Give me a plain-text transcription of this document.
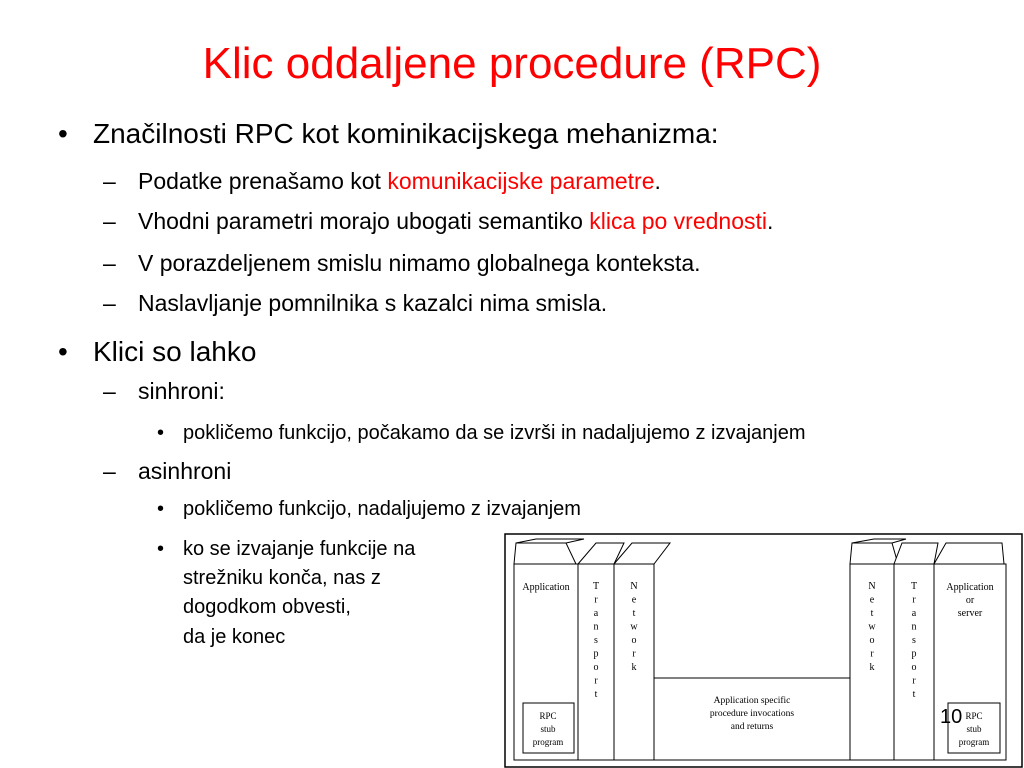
Klic oddaljene procedure (RPC)
• Značilnosti RPC kot kominikacijskega mehanizma:
– Podatke prenašamo kot komunikacijske parametre.
– Vhodni parametri morajo ubogati semantiko klica po vrednosti.
– V porazdeljenem smislu nimamo globalnega konteksta.
– Naslavljanje pomnilnika s kazalci nima smisla.
• Klici so lahko
– sinhroni:
• pokličemo funkcijo, počakamo da se izvrši in nadaljujemo z izvajanjem
– asinhroni
• pokličemo funkcijo, nadaljujemo z izvajanjem
• ko se izvajanje funkcije na
strežniku konča, nas z
dogodkom obvesti,
da je konec
Application
RPC
stub
program
T
r
a
n
s
p
o
r
t
N
e
t
w
o
r
k
Application specific
procedure invocations
and returns
N
e
t
w
o
r
k
T
r
a
n
s
p
o
r
t
Application
or
server
RPC
stub
program
10
